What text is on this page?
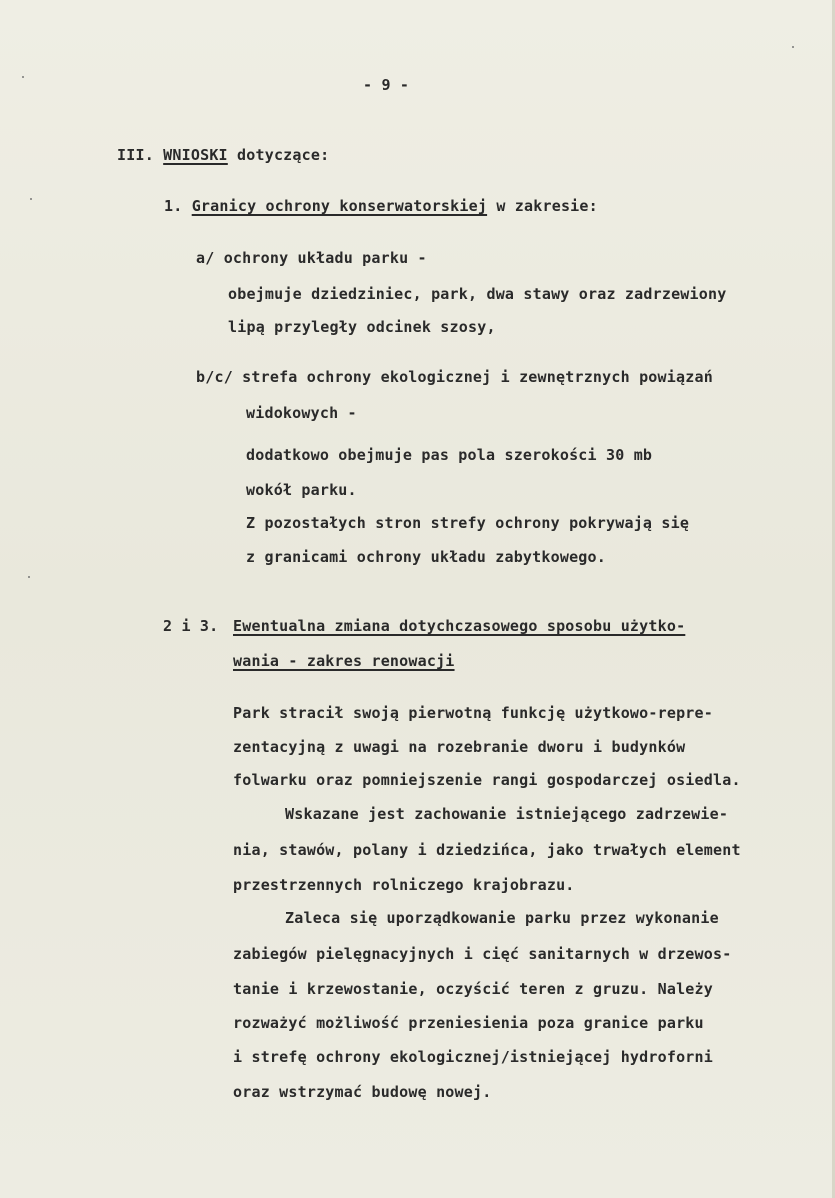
- 9 -
III. WNIOSKI dotyczące:
1. Granicy ochrony konserwatorskiej w zakresie:
a/ ochrony układu parku -
obejmuje dziedziniec, park, dwa stawy oraz zadrzewiony
lipą przyległy odcinek szosy,
b/c/ strefa ochrony ekologicznej i zewnętrznych powiązań
widokowych -
dodatkowo obejmuje pas pola szerokości 30 mb
wokół parku.
Z pozostałych stron strefy ochrony pokrywają się
z granicami ochrony układu zabytkowego.
2 i 3. Ewentualna zmiana dotychczasowego sposobu użytko-
wania - zakres renowacji
Park stracił swoją pierwotną funkcję użytkowo-repre-
zentacyjną z uwagi na rozebranie dworu i budynków
folwarku oraz pomniejszenie rangi gospodarczej osiedla.
Wskazane jest zachowanie istniejącego zadrzewie-
nia, stawów, polany i dziedzińca, jako trwałych element
przestrzennych rolniczego krajobrazu.
Zaleca się uporządkowanie parku przez wykonanie
zabiegów pielęgnacyjnych i cięć sanitarnych w drzewos-
tanie i krzewostanie, oczyścić teren z gruzu. Należy
rozważyć możliwość przeniesienia poza granice parku
i strefę ochrony ekologicznej/istniejącej hydroforni
oraz wstrzymać budowę nowej.
